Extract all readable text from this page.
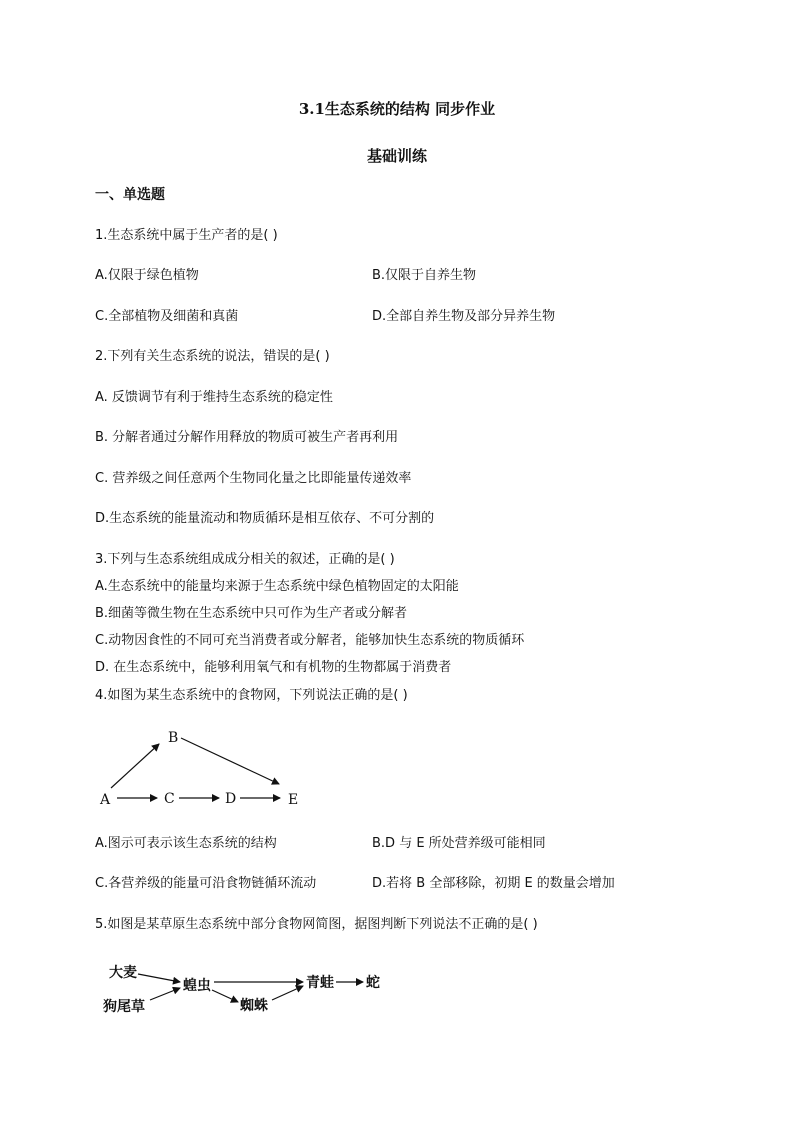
3.1生态系统的结构 同步作业
基础训练
一、单选题
1.生态系统中属于生产者的是( )
A.仅限于绿色植物	B.仅限于自养生物
C.全部植物及细菌和真菌	D.全部自养生物及部分异养生物
2.下列有关生态系统的说法，错误的是( )
A. 反馈调节有利于维持生态系统的稳定性
B. 分解者通过分解作用释放的物质可被生产者再利用
C. 营养级之间任意两个生物同化量之比即能量传递效率
D.生态系统的能量流动和物质循环是相互依存、不可分割的
3.下列与生态系统组成成分相关的叙述，正确的是( )
A.生态系统中的能量均来源于生态系统中绿色植物固定的太阳能
B.细菌等微生物在生态系统中只可作为生产者或分解者
C.动物因食性的不同可充当消费者或分解者，能够加快生态系统的物质循环
D. 在生态系统中，能够利用氧气和有机物的生物都属于消费者
4.如图为某生态系统中的食物网，下列说法正确的是( )
B
A	C	D	E
A.图示可表示该生态系统的结构	B.D 与 E 所处营养级可能相同
C.各营养级的能量可沿食物链循环流动	D.若将 B 全部移除，初期 E 的数量会增加
5.如图是某草原生态系统中部分食物网简图，据图判断下列说法不正确的是( )
大麦
狗尾草
蝗虫
蜘蛛
青蛙 蛇
